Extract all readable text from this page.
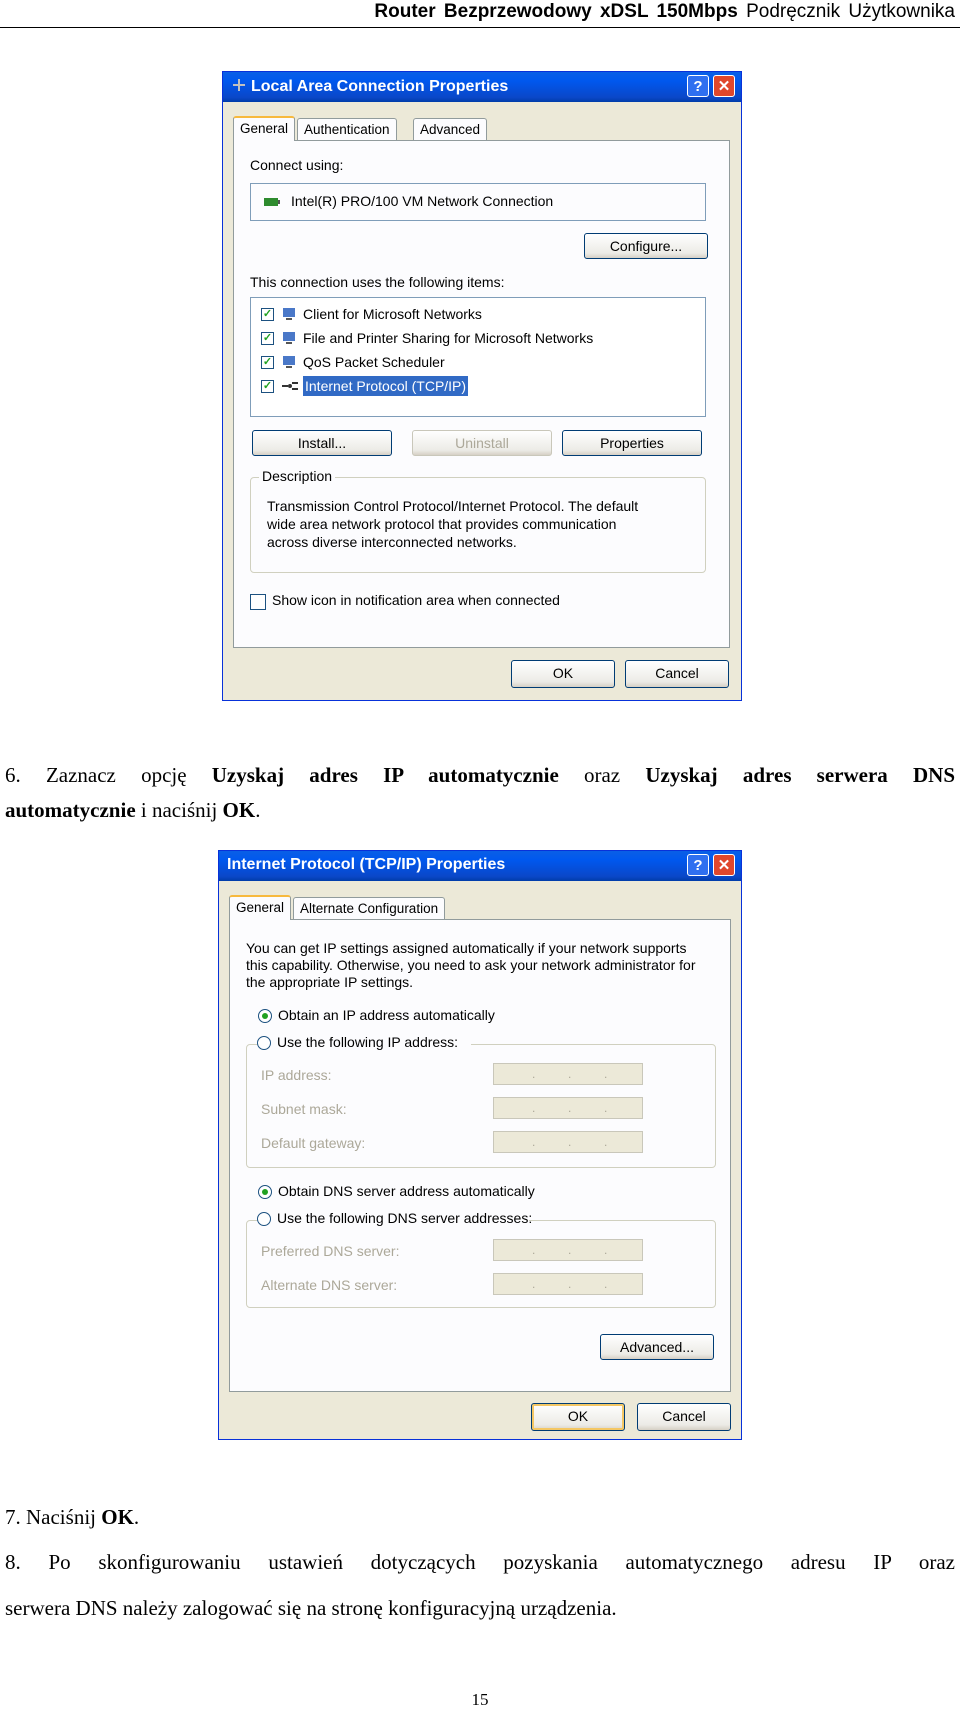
Router Bezprzewodowy xDSL 150Mbps Podręcznik Użytkownika
Local Area Connection Properties	?	✕
General	Authentication	Advanced
Connect using:
Intel(R) PRO/100 VM Network Connection
Configure...
This connection uses the following items:
✓ Client for Microsoft Networks
✓ File and Printer Sharing for Microsoft Networks
✓ QoS Packet Scheduler
✓ Internet Protocol (TCP/IP)
Install...	Uninstall	Properties
Description
Transmission Control Protocol/Internet Protocol. The default
wide area network protocol that provides communication
across diverse interconnected networks.
Show icon in notification area when connected
OK	Cancel
6. Zaznacz opcję Uzyskaj adres IP automatycznie oraz Uzyskaj adres serwera DNS
automatycznie i naciśnij OK.
Internet Protocol (TCP/IP) Properties	?	✕
General	Alternate Configuration
You can get IP settings assigned automatically if your network supports
this capability. Otherwise, you need to ask your network administrator for
the appropriate IP settings.
Obtain an IP address automatically
Use the following IP address:
IP address:	.	.	.
Subnet mask:	.	.	.
Default gateway:	.	.	.
Obtain DNS server address automatically
Use the following DNS server addresses:
Preferred DNS server:	.	.	.
Alternate DNS server:	.	.	.
Advanced...
OK	Cancel
7. Naciśnij OK.
8. Po skonfigurowaniu ustawień dotyczących pozyskania automatycznego adresu IP oraz
serwera DNS należy zalogować się na stronę konfiguracyjną urządzenia.
15
